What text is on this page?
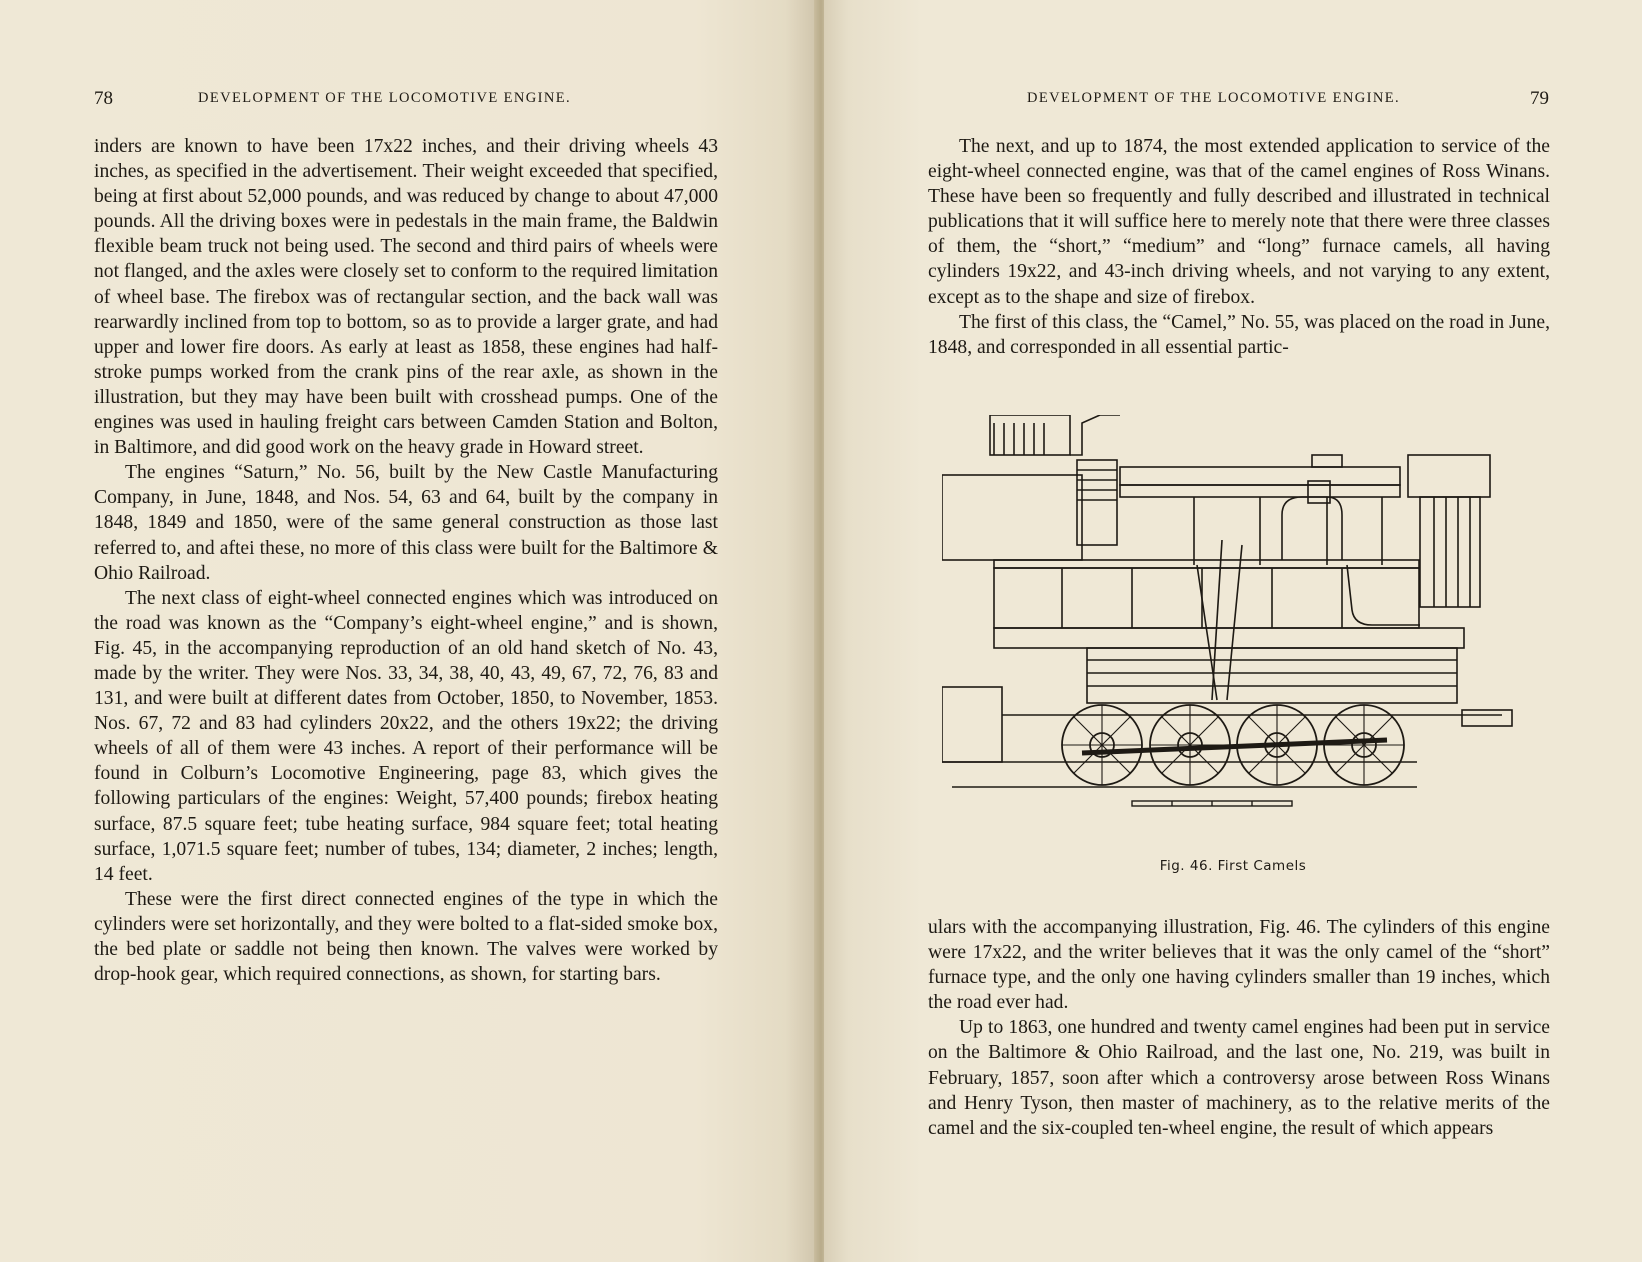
78	DEVELOPMENT OF THE LOCOMOTIVE ENGINE.

inders are known to have been 17x22 inches, and their driving wheels 43 inches, as specified in the advertisement. Their weight exceeded that specified, being at first about 52,000 pounds, and was reduced by change to about 47,000 pounds. All the driving boxes were in pedestals in the main frame, the Baldwin flexible beam truck not being used. The second and third pairs of wheels were not flanged, and the axles were closely set to conform to the required limitation of wheel base. The firebox was of rectangular section, and the back wall was rearwardly inclined from top to bottom, so as to provide a larger grate, and had upper and lower fire doors. As early at least as 1858, these engines had half-stroke pumps worked from the crank pins of the rear axle, as shown in the illustration, but they may have been built with crosshead pumps. One of the engines was used in hauling freight cars between Camden Station and Bolton, in Baltimore, and did good work on the heavy grade in Howard street.

The engines “Saturn,” No. 56, built by the New Castle Manufacturing Company, in June, 1848, and Nos. 54, 63 and 64, built by the company in 1848, 1849 and 1850, were of the same general construction as those last referred to, and aftei these, no more of this class were built for the Baltimore & Ohio Railroad.

The next class of eight-wheel connected engines which was introduced on the road was known as the “Company’s eight-wheel engine,” and is shown, Fig. 45, in the accompanying reproduction of an old hand sketch of No. 43, made by the writer. They were Nos. 33, 34, 38, 40, 43, 49, 67, 72, 76, 83 and 131, and were built at different dates from October, 1850, to November, 1853. Nos. 67, 72 and 83 had cylinders 20x22, and the others 19x22; the driving wheels of all of them were 43 inches. A report of their performance will be found in Colburn’s Locomotive Engineering, page 83, which gives the following particulars of the engines: Weight, 57,400 pounds; firebox heating surface, 87.5 square feet; tube heating surface, 984 square feet; total heating surface, 1,071.5 square feet; number of tubes, 134; diameter, 2 inches; length, 14 feet.

These were the first direct connected engines of the type in which the cylinders were set horizontally, and they were bolted to a flat-sided smoke box, the bed plate or saddle not being then known. The valves were worked by drop-hook gear, which required connections, as shown, for starting bars.

DEVELOPMENT OF THE LOCOMOTIVE ENGINE.	79

The next, and up to 1874, the most extended application to service of the eight-wheel connected engine, was that of the camel engines of Ross Winans. These have been so frequently and fully described and illustrated in technical publications that it will suffice here to merely note that there were three classes of them, the “short,” “medium” and “long” furnace camels, all having cylinders 19x22, and 43-inch driving wheels, and not varying to any extent, except as to the shape and size of firebox.

The first of this class, the “Camel,” No. 55, was placed on the road in June, 1848, and corresponded in all essential partic-

Fig. 46. First Camels

ulars with the accompanying illustration, Fig. 46. The cylinders of this engine were 17x22, and the writer believes that it was the only camel of the “short” furnace type, and the only one having cylinders smaller than 19 inches, which the road ever had.

Up to 1863, one hundred and twenty camel engines had been put in service on the Baltimore & Ohio Railroad, and the last one, No. 219, was built in February, 1857, soon after which a controversy arose between Ross Winans and Henry Tyson, then master of machinery, as to the relative merits of the camel and the six-coupled ten-wheel engine, the result of which appears
